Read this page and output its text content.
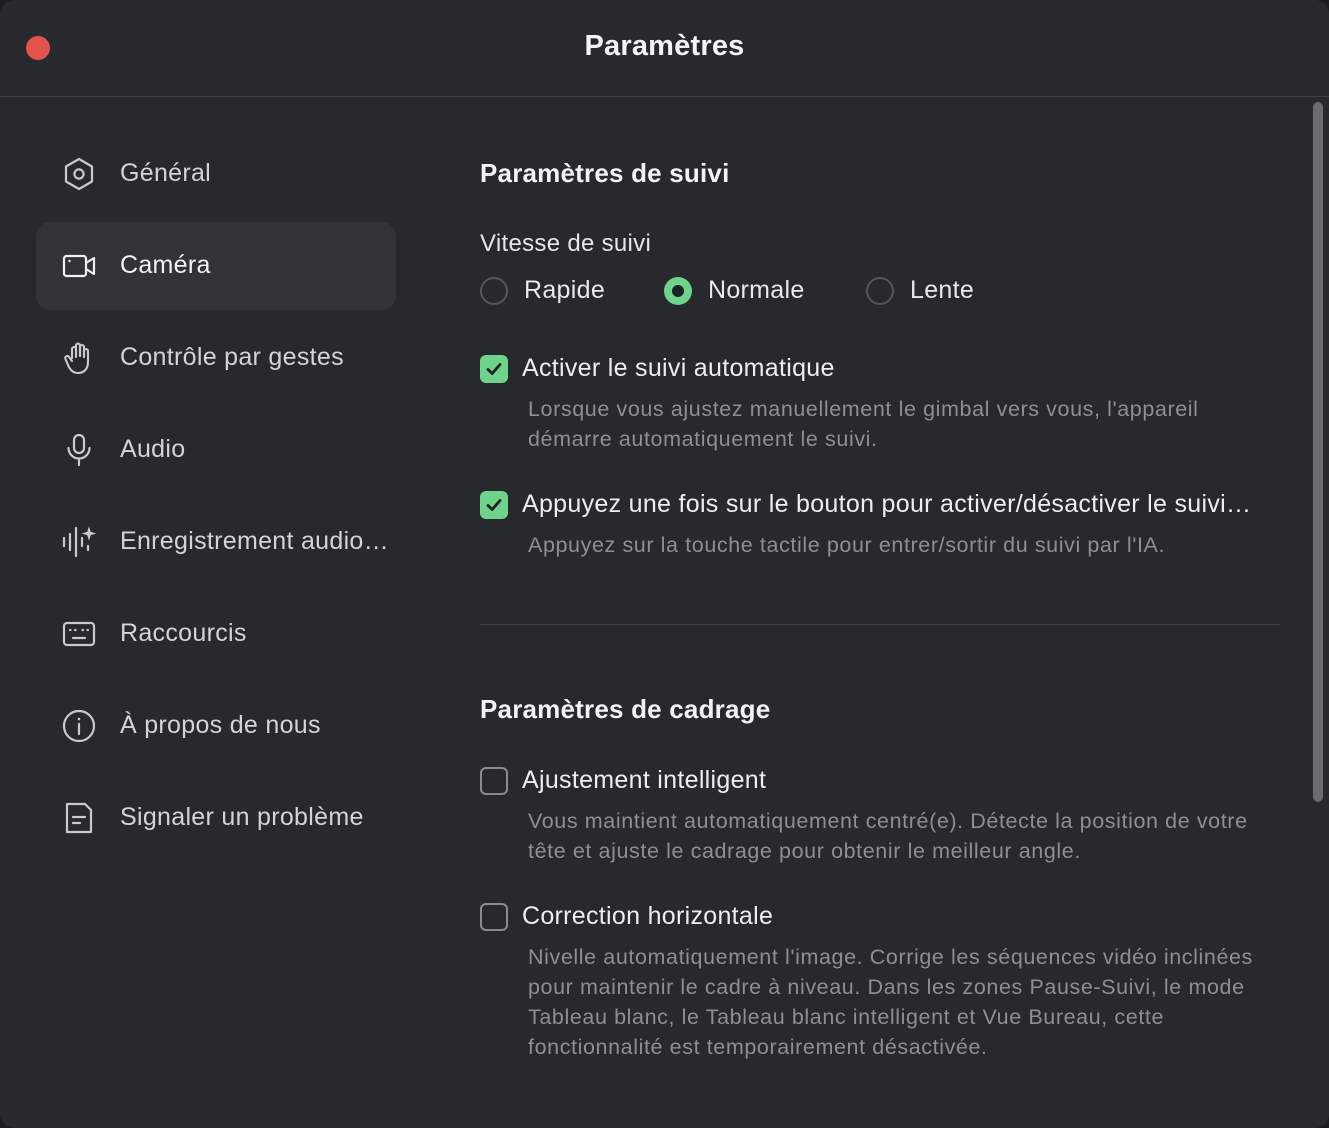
Paramètres
Général
Caméra
Contrôle par gestes
Audio
Enregistrement audio…
Raccourcis
À propos de nous
Signaler un problème
Paramètres de suivi
Vitesse de suivi
Rapide	Normale	Lente
Activer le suivi automatique
Lorsque vous ajustez manuellement le gimbal vers vous, l'appareil démarre automatiquement le suivi.
Appuyez une fois sur le bouton pour activer/désactiver le suivi…
Appuyez sur la touche tactile pour entrer/sortir du suivi par l'IA.
Paramètres de cadrage
Ajustement intelligent
Vous maintient automatiquement centré(e). Détecte la position de votre tête et ajuste le cadrage pour obtenir le meilleur angle.
Correction horizontale
Nivelle automatiquement l'image. Corrige les séquences vidéo inclinées pour maintenir le cadre à niveau. Dans les zones Pause-Suivi, le mode Tableau blanc, le Tableau blanc intelligent et Vue Bureau, cette fonctionnalité est temporairement désactivée.
